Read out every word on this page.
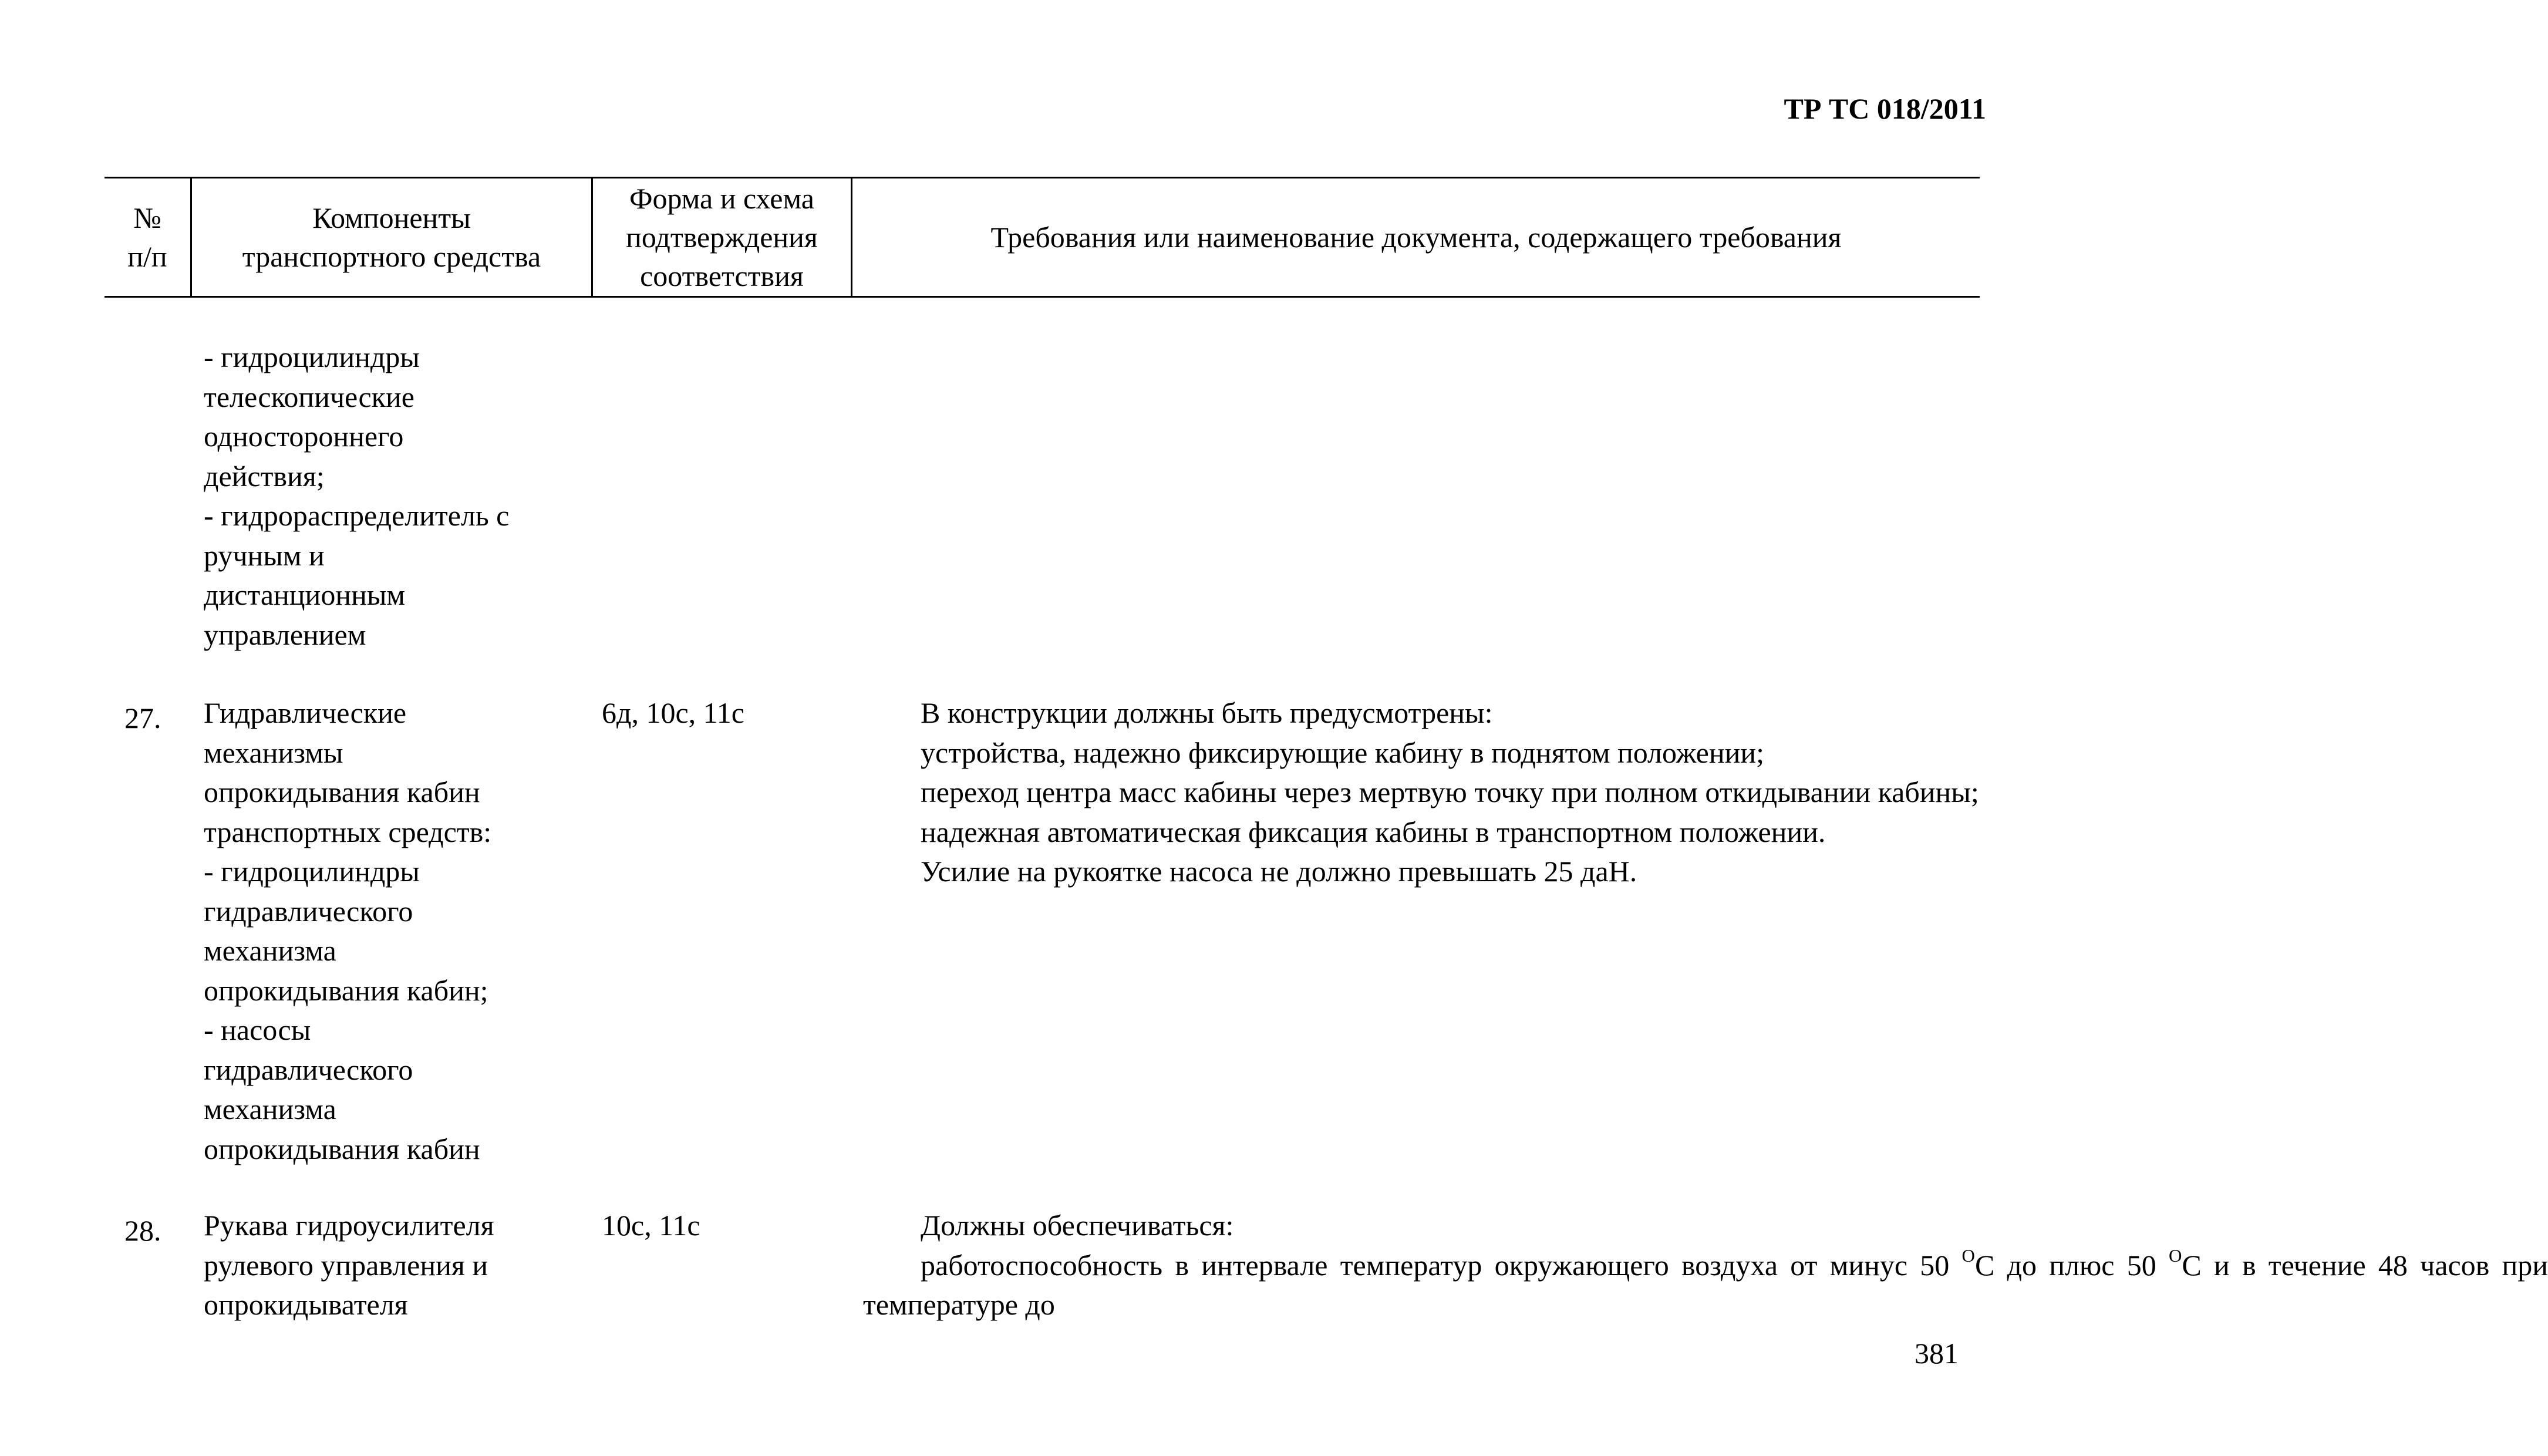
ТР ТС 018/2011
№
п/п
Компоненты
транспортного средства
Форма и схема
подтверждения
соответствия
Требования или наименование документа, содержащего требования
- гидроцилиндры
телескопические
одностороннего
действия;
- гидрораспределитель с
ручным и
дистанционным
управлением
27. Гидравлические
механизмы
опрокидывания кабин
транспортных средств:
- гидроцилиндры
гидравлического
механизма
опрокидывания кабин;
- насосы
гидравлического
механизма
опрокидывания кабин
6д, 10с, 11с	В конструкции должны быть предусмотрены:

устройства, надежно фиксирующие кабину в поднятом положении;

переход центра масс кабины через мертвую точку при полном откидывании кабины;

надежная автоматическая фиксация кабины в транспортном положении.

Усилие на рукоятке насоса не должно превышать 25 даН.

28. Рукава гидроусилителя
рулевого управления и
опрокидывателя
10с, 11с	Должны обеспечиваться:

работоспособность в интервале температур окружающего воздуха от минус 50 $^О$С до плюс 50 $^О$С и в течение 48 часов при температуре до

381
